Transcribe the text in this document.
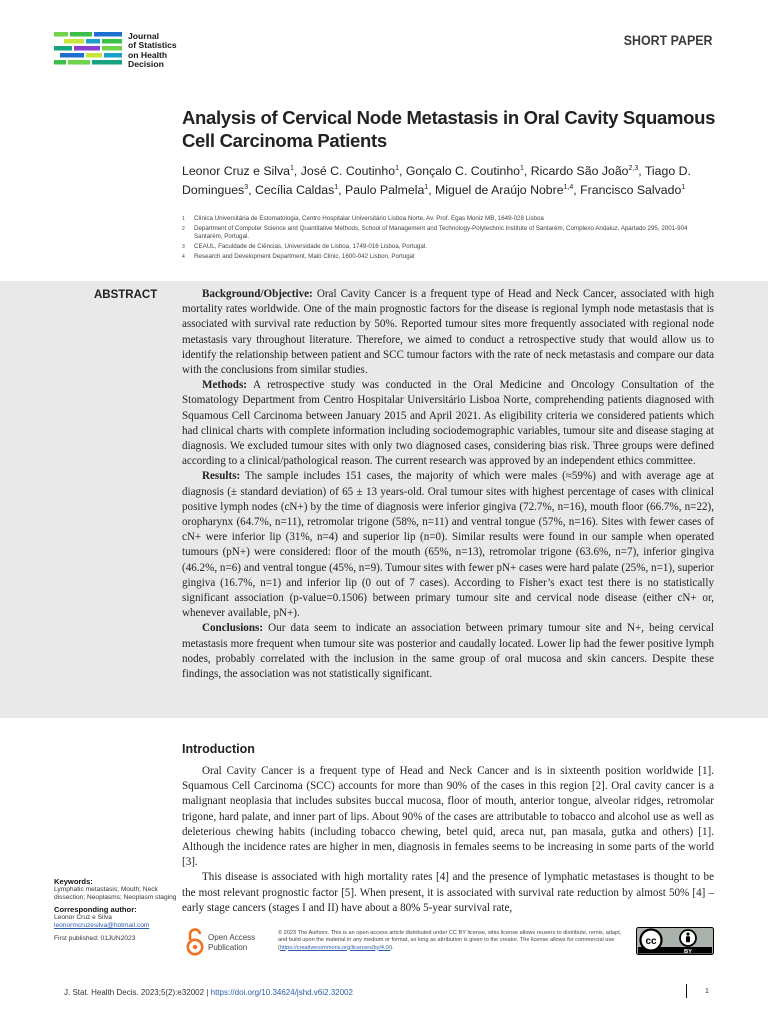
Journal
of Statistics
on Health
Decision
SHORT PAPER
Analysis of Cervical Node Metastasis in Oral Cavity Squamous Cell Carcinoma Patients
Leonor Cruz e Silva$^1$, José C. Coutinho$^1$, Gonçalo C. Coutinho$^1$, Ricardo São João$^{2,3}$, Tiago D. Domingues$^3$, Cecília Caldas$^1$, Paulo Palmela$^1$, Miguel de Araújo Nobre$^{1,4}$, Francisco Salvado$^1$
1	Clínica Universitária de Estomatologia, Centro Hospitalar Universitário Lisboa Norte, Av. Prof. Egas Moniz MB, 1649-028 Lisboa
2	Department of Computer Science and Quantitative Methods, School of Management and Technology-Polytechnic Institute of Santarém, Complexo Andaluz, Apartado 295, 2001-904 Santarém, Portugal.
3	CEAUL, Faculdade de Ciências, Universidade de Lisboa, 1749-016 Lisboa, Portugal.
4	Research and Development Department, Maló Clinic, 1600-042 Lisbon, Portugal
ABSTRACT	Background/Objective: Oral Cavity Cancer is a frequent type of Head and Neck Cancer, associated with high mortality rates worldwide. One of the main prognostic factors for the disease is regional lymph node metastasis that is associated with survival rate reduction by 50%. Reported tumour sites more frequently associated with regional node metastasis vary throughout literature. Therefore, we aimed to conduct a retrospective study that would allow us to identify the relationship between patient and SCC tumour factors with the rate of neck metastasis and compare our data with the conclusions from similar studies.

Methods: A retrospective study was conducted in the Oral Medicine and Oncology Consultation of the Stomatology Department from Centro Hospitalar Universitário Lisboa Norte, comprehending patients diagnosed with Squamous Cell Carcinoma between January 2015 and April 2021. As eligibility criteria we considered patients which had clinical charts with complete information including sociodemographic variables, tumour site and disease staging at diagnosis. We excluded tumour sites with only two diagnosed cases, considering bias risk. Three groups were defined according to a clinical/pathological reason. The current research was approved by an independent ethics committee.

Results: The sample includes 151 cases, the majority of which were males (≈59%) and with average age at diagnosis (± standard deviation) of 65 ± 13 years-old. Oral tumour sites with highest percentage of cases with clinical positive lymph nodes (cN+) by the time of diagnosis were inferior gingiva (72.7%, n=16), mouth floor (66.7%, n=22), oropharynx (64.7%, n=11), retromolar trigone (58%, n=11) and ventral tongue (57%, n=16). Sites with fewer cases of cN+ were inferior lip (31%, n=4) and superior lip (n=0). Similar results were found in our sample when operated tumours (pN+) were considered: floor of the mouth (65%, n=13), retromolar trigone (63.6%, n=7), inferior gingiva (46.2%, n=6) and ventral tongue (45%, n=9). Tumour sites with fewer pN+ cases were hard palate (25%, n=1), superior gingiva (16.7%, n=1) and inferior lip (0 out of 7 cases). According to Fisher’s exact test there is no statistically significant association (p-value=0.1506) between primary tumour site and cervical node disease (either cN+ or, whenever available, pN+).

Conclusions: Our data seem to indicate an association between primary tumour site and N+, being cervical metastasis more frequent when tumour site was posterior and caudally located. Lower lip had the fewer positive lymph nodes, probably correlated with the inclusion in the same group of oral mucosa and skin cancers. Despite these findings, the association was not statistically significant.

Introduction

Oral Cavity Cancer is a frequent type of Head and Neck Cancer and is in sixteenth position worldwide [1]. Squamous Cell Carcinoma (SCC) accounts for more than 90% of the cases in this region [2]. Oral cavity cancer is a malignant neoplasia that includes subsites buccal mucosa, floor of mouth, anterior tongue, alveolar ridges, retromolar trigone, hard palate, and inner part of lips. About 90% of the cases are attributable to tobacco and alcohol use as well as deleterious chewing habits (including tobacco chewing, betel quid, areca nut, pan masala, gutka and others) [1]. Although the incidence rates are higher in men, diagnosis in females seems to be increasing in some parts of the world [3].

This disease is associated with high mortality rates [4] and the presence of lymphatic metastases is thought to be the most relevant prognostic factor [5]. When present, it is associated with survival rate reduction by almost 50% [4] – early stage cancers (stages I and II) have about a 80% 5-year survival rate,

Keywords:
Lymphatic metastasis; Mouth; Neck dissection; Neoplasms; Neoplasm staging
Corresponding author:
Leonor Cruz e Silva
leonormcruzesilva@hotmail.com
First published: 01JUN2023	Open Access
Publication
© 2023 The Authors. This is an open access article distributed under CC BY license, whis license allows reusers to distribute, remix, adapt, and build upon the material in any medium or format, so long as attribution is given to the creator. The license allows for commercial use (https://creativecommons.org/licenses/by/4.0/).
cc
BY
J. Stat. Health Decis. 2023;5(2):e32002 | https://doi.org/10.34624/jshd.v6i2.32002	1
